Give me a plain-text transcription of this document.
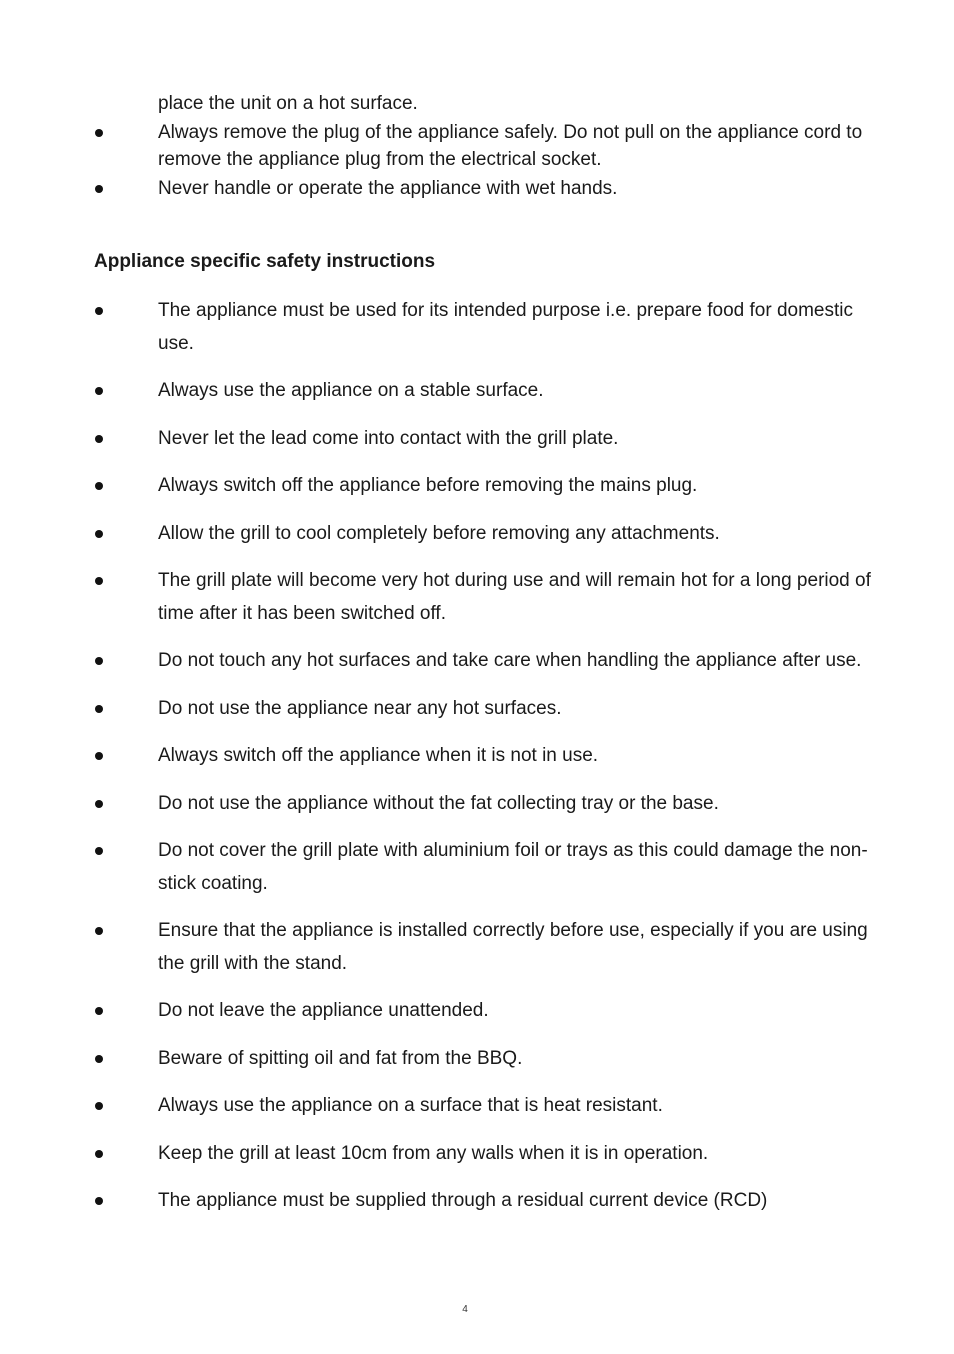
place the unit on a hot surface.
Always remove the plug of the appliance safely. Do not pull on the appliance cord to remove the appliance plug from the electrical socket.
Never handle or operate the appliance with wet hands.
Appliance specific safety instructions
The appliance must be used for its intended purpose i.e. prepare food for domestic use.
Always use the appliance on a stable surface.
Never let the lead come into contact with the grill plate.
Always switch off the appliance before removing the mains plug.
Allow the grill to cool completely before removing any attachments.
The grill plate will become very hot during use and will remain hot for a long period of time after it has been switched off.
Do not touch any hot surfaces and take care when handling the appliance after use.
Do not use the appliance near any hot surfaces.
Always switch off the appliance when it is not in use.
Do not use the appliance without the fat collecting tray or the base.
Do not cover the grill plate with aluminium foil or trays as this could damage the non-stick coating.
Ensure that the appliance is installed correctly before use, especially if you are using the grill with the stand.
Do not leave the appliance unattended.
Beware of spitting oil and fat from the BBQ.
Always use the appliance on a surface that is heat resistant.
Keep the grill at least 10cm from any walls when it is in operation.
The appliance must be supplied through a residual current device (RCD)
4
